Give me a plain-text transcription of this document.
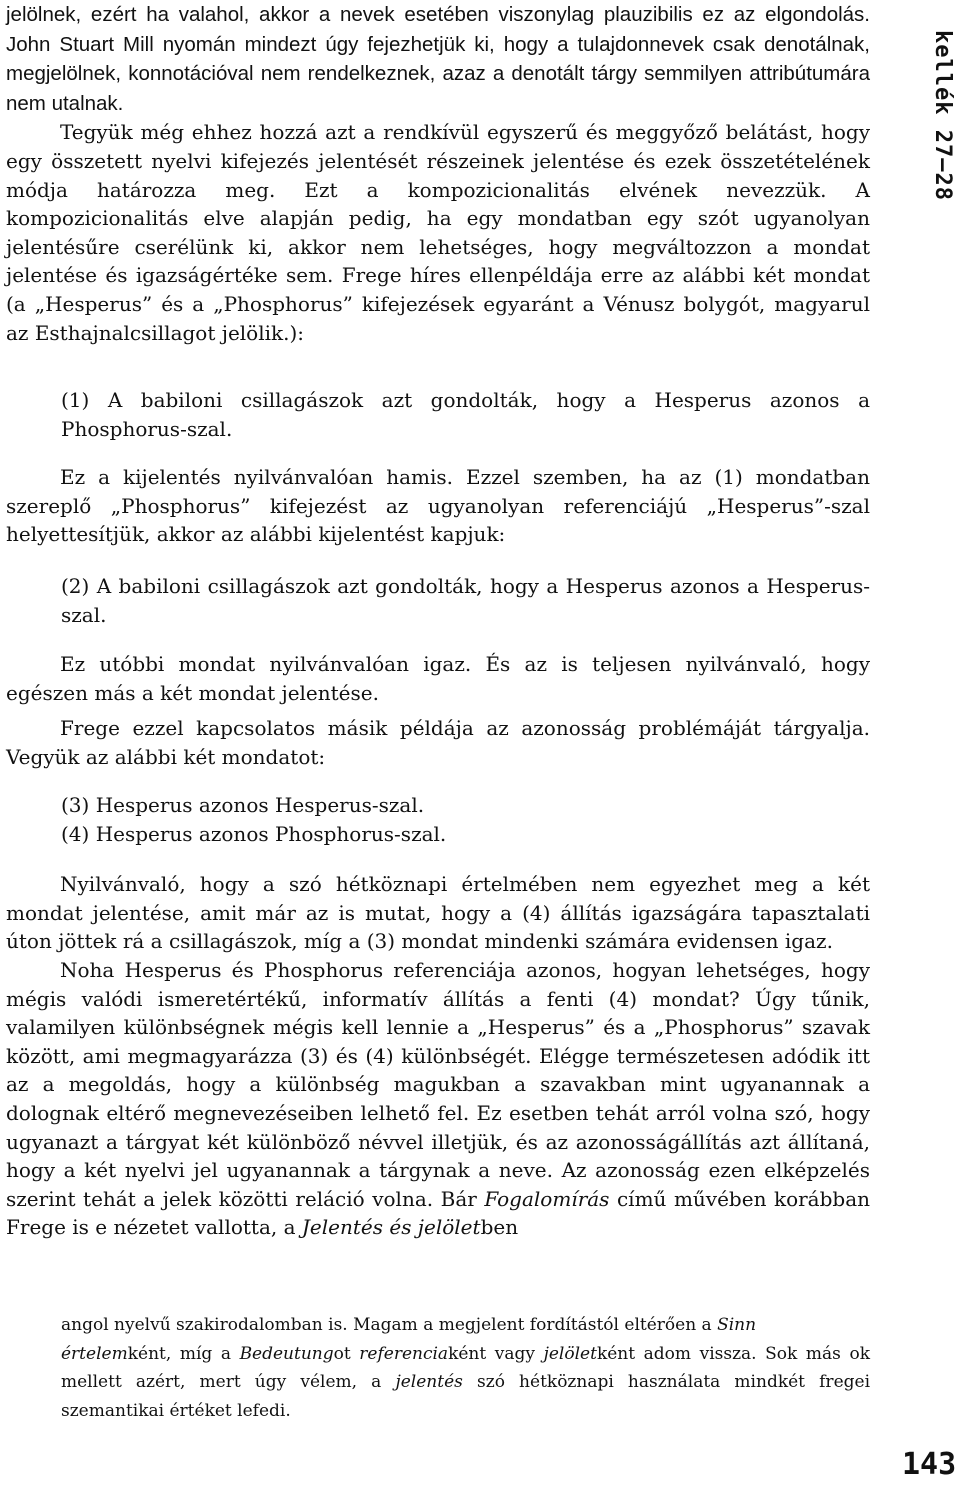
kellék 27–28

jelölnek, ezért ha valahol, akkor a nevek esetében viszonylag plauzibilis ez az elgondolás. John Stuart Mill nyomán mindezt úgy fejezhetjük ki, hogy a tulajdonnevek csak denotálnak, megjelölnek, konnotációval nem rendelkeznek, azaz a denotált tárgy semmilyen attribútumára nem utalnak.
Tegyük még ehhez hozzá azt a rendkívül egyszerű és meggyőző belátást, hogy egy összetett nyelvi kifejezés jelentését részeinek jelentése és ezek összetételének módja határozza meg. Ezt a kompozicionalitás elvének nevezzük. A kompozicionalitás elve alapján pedig, ha egy mondatban egy szót ugyanolyan jelentésűre cserélünk ki, akkor nem lehetséges, hogy megváltozzon a mondat jelentése és igazságértéke sem. Frege híres ellenpéldája erre az alábbi két mondat (a „Hesperus” és a „Phosphorus” kifejezések egyaránt a Vénusz bolygót, magyarul az Esthajnalcsillagot jelölik.):

(1) A babiloni csillagászok azt gondolták, hogy a Hesperus azonos a Phosphorus-szal.

Ez a kijelentés nyilvánvalóan hamis. Ezzel szemben, ha az (1) mondatban szereplő „Phosphorus” kifejezést az ugyanolyan referenciájú „Hesperus”-szal helyettesítjük, akkor az alábbi kijelentést kapjuk:

(2) A babiloni csillagászok azt gondolták, hogy a Hesperus azonos a Hesperus-szal.

Ez utóbbi mondat nyilvánvalóan igaz. És az is teljesen nyilvánvaló, hogy egészen más a két mondat jelentése.

Frege ezzel kapcsolatos másik példája az azonosság problémáját tárgyalja. Vegyük az alábbi két mondatot:

(3) Hesperus azonos Hesperus-szal.

(4) Hesperus azonos Phosphorus-szal.

Nyilvánvaló, hogy a szó hétköznapi értelmében nem egyezhet meg a két mondat jelentése, amit már az is mutat, hogy a (4) állítás igazságára tapasztalati úton jöttek rá a csillagászok, míg a (3) mondat mindenki számára evidensen igaz.

Noha Hesperus és Phosphorus referenciája azonos, hogyan lehetséges, hogy mégis valódi ismeretértékű, informatív állítás a fenti (4) mondat? Úgy tűnik, valamilyen különbségnek mégis kell lennie a „Hesperus” és a „Phosphorus” szavak között, ami megmagyarázza (3) és (4) különbségét. Elégge természetesen adódik itt az a megoldás, hogy a különbség magukban a szavakban mint ugyanannak a dolognak eltérő megnevezéseiben lelhető fel. Ez esetben tehát arról volna szó, hogy ugyanazt a tárgyat két különböző névvel illetjük, és az azonosságállítás azt állítaná, hogy a két nyelvi jel ugyanannak a tárgynak a neve. Az azonosság ezen elképzelés szerint tehát a jelek közötti reláció volna. Bár Fogalomírás című művében korábban Frege is e nézetet vallotta, a Jelentés és jelöletben

angol nyelvű szakirodalomban is. Magam a megjelent fordítástól eltérően a Sinn
értelemként, míg a Bedeutungot referenciaként vagy jelöletként adom vissza. Sok más ok mellett azért, mert úgy vélem, a jelentés szó hétköznapi használata mindkét fregei szemantikai értéket lefedi.

143
